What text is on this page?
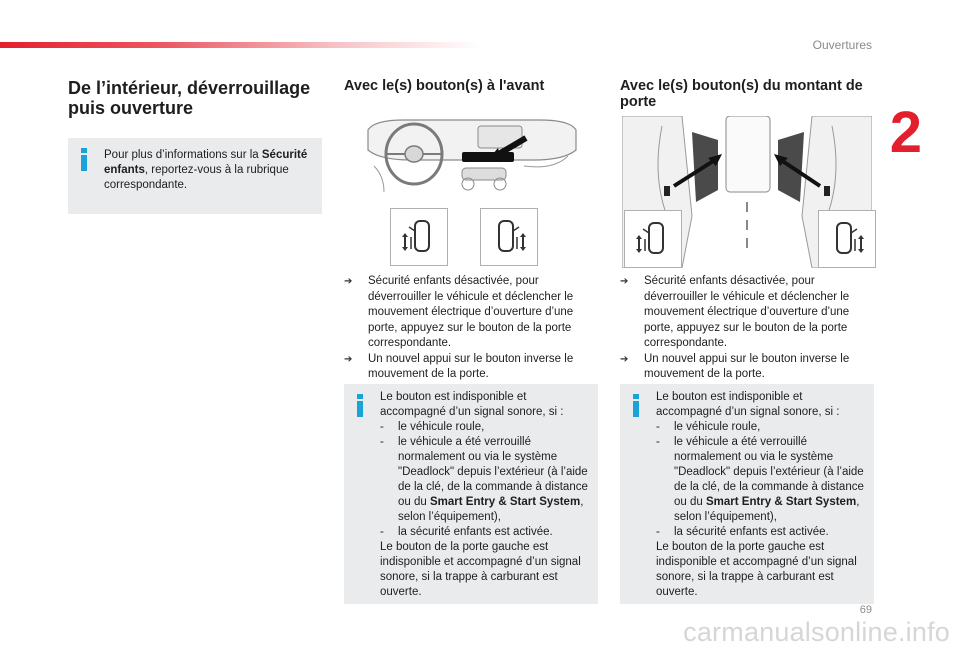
Ouvertures
2
De l’intérieur, déverrouillage puis ouverture

Pour plus d’informations sur la Sécurité enfants, reportez-vous à la rubrique correspondante.

Avec le(s) bouton(s) à l'avant
➔ Sécurité enfants désactivée, pour déverrouiller le véhicule et déclencher le mouvement électrique d’ouverture d’une porte, appuyez sur le bouton de la porte correspondante.
➔ Un nouvel appui sur le bouton inverse le mouvement de la porte.

Le bouton est indisponible et accompagné d’un signal sonore, si :

- le véhicule roule,
- le véhicule a été verrouillé normalement ou via le système "Deadlock" depuis l’extérieur (à l’aide de la clé, de la commande à distance ou du Smart Entry & Start System, selon l’équipement),
- la sécurité enfants est activée.

Le bouton de la porte gauche est indisponible et accompagné d’un signal sonore, si la trappe à carburant est ouverte.

Avec le(s) bouton(s) du montant de porte
➔ Sécurité enfants désactivée, pour déverrouiller le véhicule et déclencher le mouvement électrique d’ouverture d’une porte, appuyez sur le bouton de la porte correspondante.
➔ Un nouvel appui sur le bouton inverse le mouvement de la porte.

Le bouton est indisponible et accompagné d’un signal sonore, si :

- le véhicule roule,
- le véhicule a été verrouillé normalement ou via le système "Deadlock" depuis l’extérieur (à l’aide de la clé, de la commande à distance ou du Smart Entry & Start System, selon l’équipement),
- la sécurité enfants est activée.

Le bouton de la porte gauche est indisponible et accompagné d’un signal sonore, si la trappe à carburant est ouverte.

69
carmanualsonline.info
